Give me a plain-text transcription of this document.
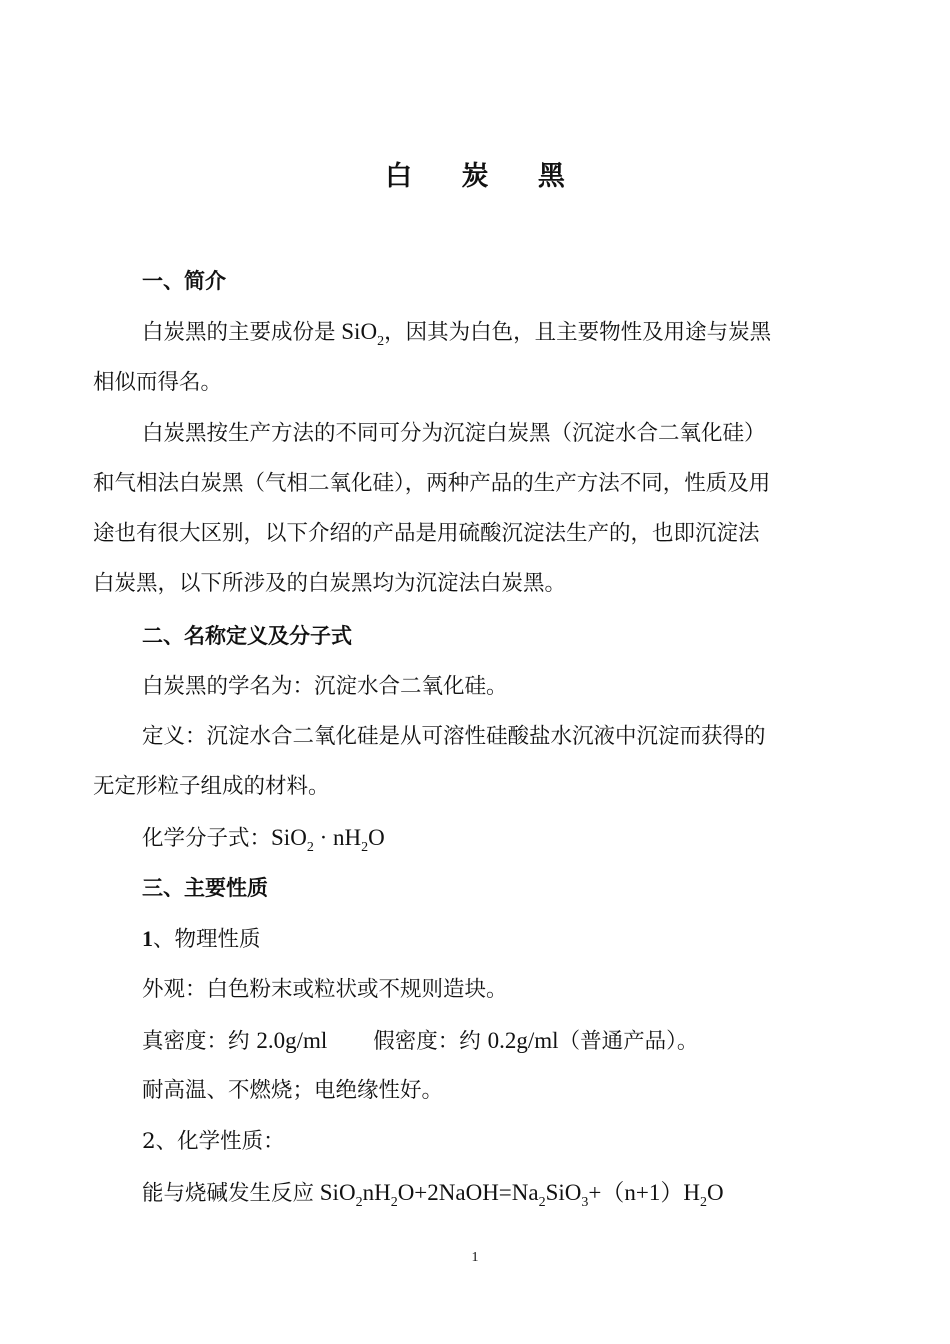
白 炭 黑
一、简介
白炭黑的主要成份是 SiO$_2$，因其为白色，且主要物性及用途与炭黑
相似而得名。
白炭黑按生产方法的不同可分为沉淀白炭黑（沉淀水合二氧化硅）
和气相法白炭黑（气相二氧化硅），两种产品的生产方法不同，性质及用
途也有很大区别，以下介绍的产品是用硫酸沉淀法生产的，也即沉淀法
白炭黑，以下所涉及的白炭黑均为沉淀法白炭黑。
二、名称定义及分子式
白炭黑的学名为：沉淀水合二氧化硅。
定义：沉淀水合二氧化硅是从可溶性硅酸盐水沉液中沉淀而获得的
无定形粒子组成的材料。
化学分子式：$SiO_2 \cdot nH_2O$
三、主要性质
1、物理性质
外观：白色粉末或粒状或不规则造块。
真密度：约 2.0g/ml 假密度：约 0.2g/ml（普通产品）。
耐高温、不燃烧；电绝缘性好。
2、化学性质：
能与烧碱发生反应 $SiO_2nH_2O+2NaOH=Na_2SiO_3+(n+1)H_2O$
1
